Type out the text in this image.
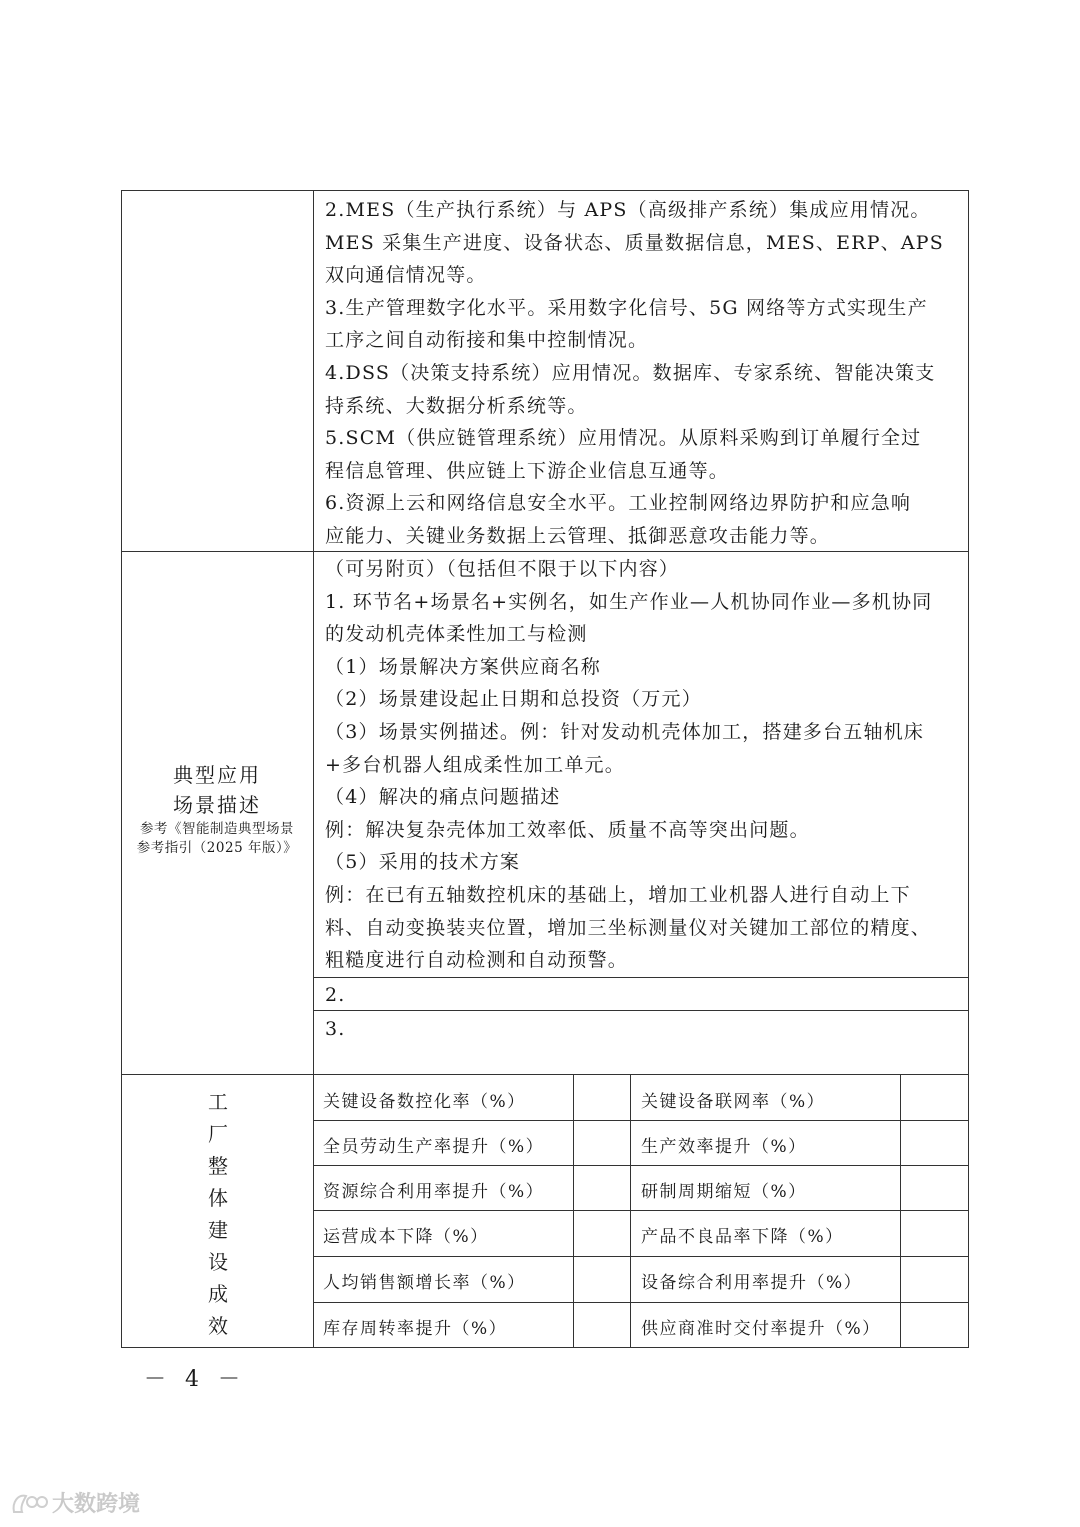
2.MES（生产执行系统）与 APS（高级排产系统）集成应用情况。

MES 采集生产进度、设备状态、质量数据信息，MES、ERP、APS

双向通信情况等。

3.生产管理数字化水平。采用数字化信号、5G 网络等方式实现生产

工序之间自动衔接和集中控制情况。

4.DSS（决策支持系统）应用情况。数据库、专家系统、智能决策支

持系统、大数据分析系统等。

5.SCM（供应链管理系统）应用情况。从原料采购到订单履行全过

程信息管理、供应链上下游企业信息互通等。

6.资源上云和网络信息安全水平。工业控制网络边界防护和应急响

应能力、关键业务数据上云管理、抵御恶意攻击能力等。

典型应用
场景描述
参考《智能制造典型场景
参考指引（2025 年版）》

（可另附页）（包括但不限于以下内容）

1. 环节名+场景名+实例名，如生产作业—人机协同作业—多机协同

的发动机壳体柔性加工与检测

（1）场景解决方案供应商名称

（2）场景建设起止日期和总投资（万元）

（3）场景实例描述。例：针对发动机壳体加工，搭建多台五轴机床

+多台机器人组成柔性加工单元。

（4）解决的痛点问题描述

例：解决复杂壳体加工效率低、质量不高等突出问题。

（5）采用的技术方案

例：在已有五轴数控机床的基础上，增加工业机器人进行自动上下

料、自动变换装夹位置，增加三坐标测量仪对关键加工部位的精度、

粗糙度进行自动检测和自动预警。

2.
3.
工
厂
整
体
建
设
成
效
关键设备数控化率（%）	关键设备联网率（%）
全员劳动生产率提升（%）	生产效率提升（%）
资源综合利用率提升（%）	研制周期缩短（%）
运营成本下降（%）	产品不良品率下降（%）
人均销售额增长率（%）	设备综合利用率提升（%）
库存周转率提升（%）	供应商准时交付率提升（%）
－ 4 －
大数跨境
